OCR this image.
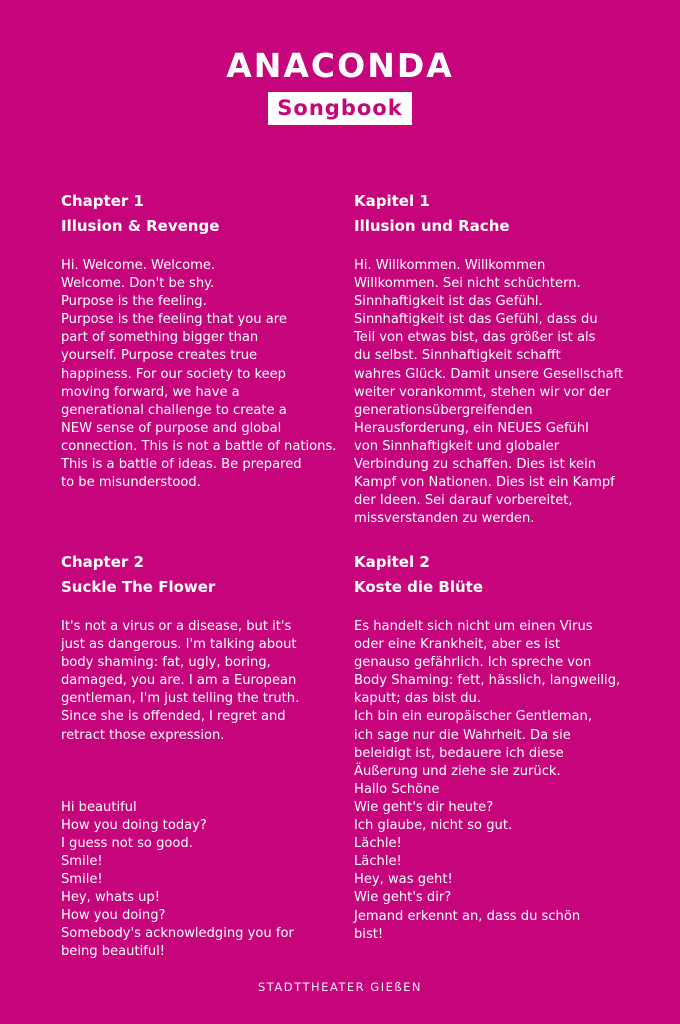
ANACONDA
Songbook
Chapter 1
Illusion & Revenge
Hi. Welcome. Welcome.
Welcome. Don't be shy.
Purpose is the feeling.
Purpose is the feeling that you are
part of something bigger than
yourself. Purpose creates true
happiness. For our society to keep
moving forward, we have a
generational challenge to create a
NEW sense of purpose and global
connection. This is not a battle of nations.
This is a battle of ideas. Be prepared
to be misunderstood.
Kapitel 1
Illusion und Rache
Hi. Willkommen. Willkommen
Willkommen. Sei nicht schüchtern.
Sinnhaftigkeit ist das Gefühl.
Sinnhaftigkeit ist das Gefühl, dass du
Teil von etwas bist, das größer ist als
du selbst. Sinnhaftigkeit schafft
wahres Glück. Damit unsere Gesellschaft
weiter vorankommt, stehen wir vor der
generationsübergreifenden
Herausforderung, ein NEUES Gefühl
von Sinnhaftigkeit und globaler
Verbindung zu schaffen. Dies ist kein
Kampf von Nationen. Dies ist ein Kampf
der Ideen. Sei darauf vorbereitet,
missverstanden zu werden.
Chapter 2
Suckle The Flower
It's not a virus or a disease, but it's
just as dangerous. I'm talking about
body shaming: fat, ugly, boring,
damaged, you are. I am a European
gentleman, I'm just telling the truth.
Since she is offended, I regret and
retract those expression.
Hi beautiful
How you doing today?
I guess not so good.
Smile!
Smile!
Hey, whats up!
How you doing?
Somebody's acknowledging you for
being beautiful!
Kapitel 2
Koste die Blüte
Es handelt sich nicht um einen Virus
oder eine Krankheit, aber es ist
genauso gefährlich. Ich spreche von
Body Shaming: fett, hässlich, langweilig,
kaputt; das bist du.
Ich bin ein europäischer Gentleman,
ich sage nur die Wahrheit. Da sie
beleidigt ist, bedauere ich diese
Äußerung und ziehe sie zurück.
Hallo Schöne
Wie geht's dir heute?
Ich glaube, nicht so gut.
Lächle!
Lächle!
Hey, was geht!
Wie geht's dir?
Jemand erkennt an, dass du schön
bist!
STADTTHEATER GIEßEN
